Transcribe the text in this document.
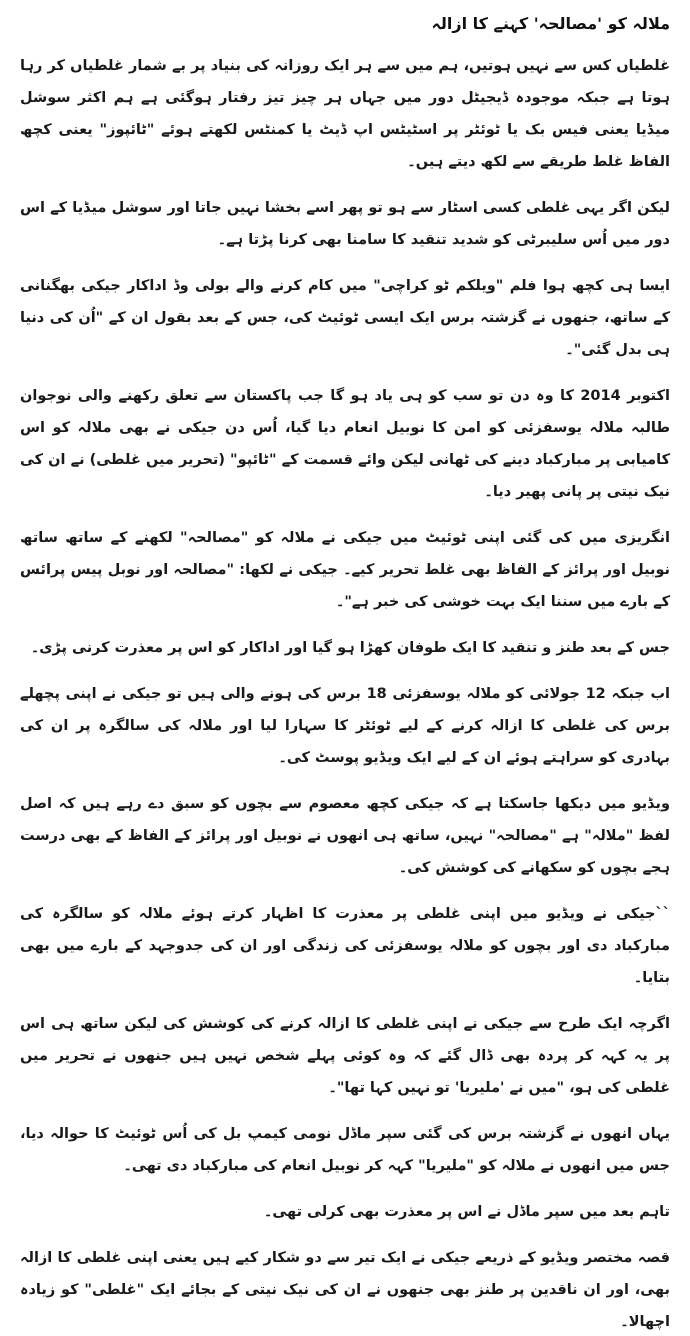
ملالہ کو 'مصالحہ' کہنے کا ازالہ

غلطیاں کس سے نہیں ہوتیں، ہم میں سے ہر ایک روزانہ کی بنیاد پر بے شمار غلطیاں کر رہا ہوتا ہے جبکہ موجودہ ڈیجیٹل دور میں جہاں ہر چیز تیز رفتار ہوگئی ہے ہم اکثر سوشل میڈیا یعنی فیس بک یا ٹوئٹر پر اسٹیٹس اپ ڈیٹ یا کمنٹس لکھتے ہوئے "ٹائپوز" یعنی کچھ الفاظ غلط طریقے سے لکھ دیتے ہیں۔

لیکن اگر یہی غلطی کسی اسٹار سے ہو تو پھر اسے بخشا نہیں جاتا اور سوشل میڈیا کے اس دور میں اُس سلیبرٹی کو شدید تنقید کا سامنا بھی کرنا پڑتا ہے۔

ایسا ہی کچھ ہوا فلم "ویلکم ٹو کراچی" میں کام کرنے والے بولی وڈ اداکار جیکی بھگنانی کے ساتھ، جنھوں نے گزشتہ برس ایک ایسی ٹوئیٹ کی، جس کے بعد بقول ان کے "اُن کی دنیا ہی بدل گئی"۔

اکتوبر 2014 کا وہ دن تو سب کو ہی یاد ہو گا جب پاکستان سے تعلق رکھنے والی نوجوان طالبہ ملالہ یوسفزئی کو امن کا نوبیل انعام دیا گیا، اُس دن جیکی نے بھی ملالہ کو اس کامیابی پر مبارکباد دینے کی ٹھانی لیکن وائے قسمت کے "ٹائپو" (تحریر میں غلطی) نے ان کی نیک نیتی پر پانی پھیر دیا۔

انگریزی میں کی گئی اپنی ٹوئیٹ میں جیکی نے ملالہ کو "مصالحہ" لکھنے کے ساتھ ساتھ نوبیل اور پرائز کے الفاظ بھی غلط تحریر کیے۔ جیکی نے لکھا: "مصالحہ اور نوبل پیس پرائس کے بارے میں سننا ایک بہت خوشی کی خبر ہے"۔

جس کے بعد طنز و تنقید کا ایک طوفان کھڑا ہو گیا اور اداکار کو اس پر معذرت کرنی پڑی۔

اب جبکہ 12 جولائی کو ملالہ یوسفزئی 18 برس کی ہونے والی ہیں تو جیکی نے اپنی پچھلے برس کی غلطی کا ازالہ کرنے کے لیے ٹوئٹر کا سہارا لیا اور ملالہ کی سالگرہ پر ان کی بہادری کو سراہتے ہوئے ان کے لیے ایک ویڈیو پوسٹ کی۔

ویڈیو میں دیکھا جاسکتا ہے کہ جیکی کچھ معصوم سے بچوں کو سبق دے رہے ہیں کہ اصل لفظ "ملالہ" ہے "مصالحہ" نہیں، ساتھ ہی انھوں نے نوبیل اور پرائز کے الفاظ کے بھی درست ہجے بچوں کو سکھانے کی کوشش کی۔

``جیکی نے ویڈیو میں اپنی غلطی پر معذرت کا اظہار کرتے ہوئے ملالہ کو سالگرہ کی مبارکباد دی اور بچوں کو ملالہ یوسفزئی کی زندگی اور ان کی جدوجہد کے بارے میں بھی بتایا۔

اگرچہ ایک طرح سے جیکی نے اپنی غلطی کا ازالہ کرنے کی کوشش کی لیکن ساتھ ہی اس پر یہ کہہ کر پردہ بھی ڈال گئے کہ وہ کوئی پہلے شخص نہیں ہیں جنھوں نے تحریر میں غلطی کی ہو، "میں نے 'ملیریا' تو نہیں کہا تھا"۔

یہاں انھوں نے گزشتہ برس کی گئی سپر ماڈل نومی کیمپ بل کی اُس ٹوئیٹ کا حوالہ دیا، جس میں انھوں نے ملالہ کو "ملیریا" کہہ کر نوبیل انعام کی مبارکباد دی تھی۔

تاہم بعد میں سپر ماڈل نے اس پر معذرت بھی کرلی تھی۔

قصہ مختصر ویڈیو کے ذریعے جیکی نے ایک تیر سے دو شکار کیے ہیں یعنی اپنی غلطی کا ازالہ بھی، اور ان ناقدین پر طنز بھی جنھوں نے ان کی نیک نیتی کے بجائے ایک "غلطی" کو زیادہ اچھالا۔
